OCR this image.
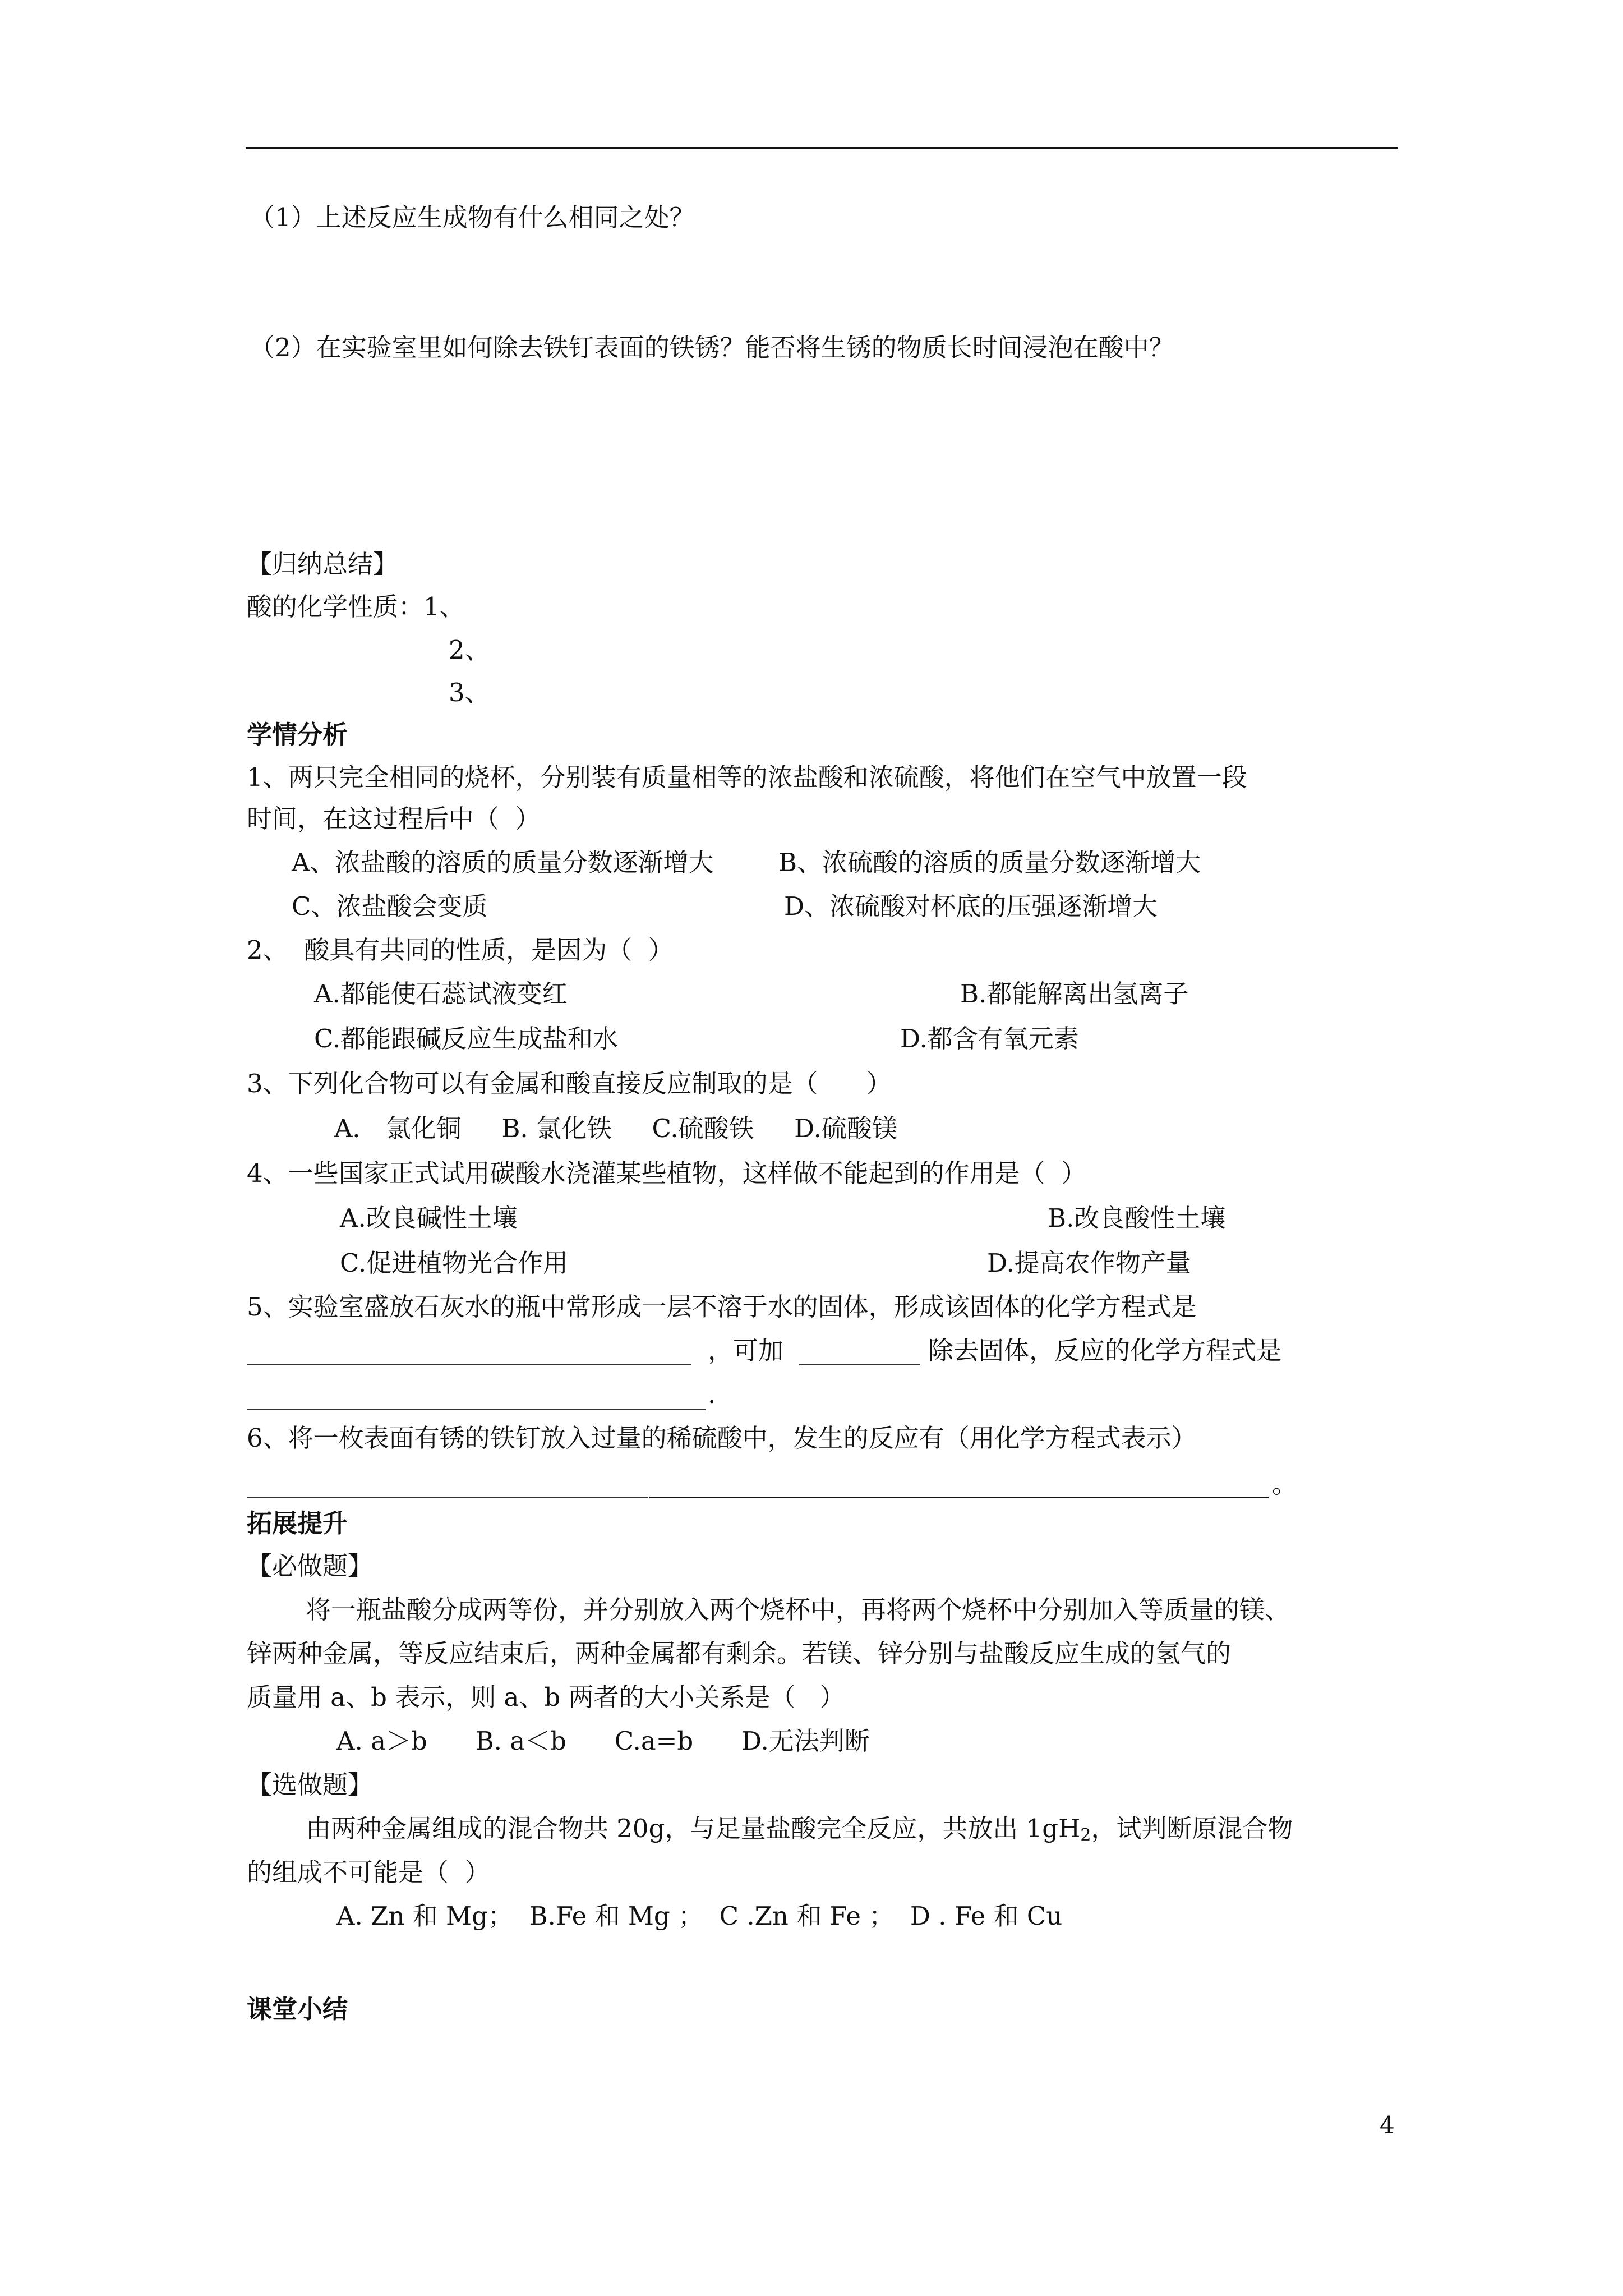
（1）上述反应生成物有什么相同之处？
（2）在实验室里如何除去铁钉表面的铁锈？能否将生锈的物质长时间浸泡在酸中？
【归纳总结】
酸的化学性质：1、
2、
3、
学情分析
1、两只完全相同的烧杯，分别装有质量相等的浓盐酸和浓硫酸，将他们在空气中放置一段
时间，在这过程后中（  ）
A、浓盐酸的溶质的质量分数逐渐增大	B、浓硫酸的溶质的质量分数逐渐增大
C、浓盐酸会变质	D、浓硫酸对杯底的压强逐渐增大
2、  酸具有共同的性质，是因为（  ）
A.都能使石蕊试液变红	B.都能解离出氢离子
C.都能跟碱反应生成盐和水	D.都含有氧元素
3、下列化合物可以有金属和酸直接反应制取的是（      ）
A． 氯化铜     B. 氯化铁     C.硫酸铁     D.硫酸镁
4、一些国家正式试用碳酸水浇灌某些植物，这样做不能起到的作用是（  ）
A.改良碱性土壤	B.改良酸性土壤
C.促进植物光合作用	D.提高农作物产量
5、实验室盛放石灰水的瓶中常形成一层不溶于水的固体，形成该固体的化学方程式是
，可加	除去固体，反应的化学方程式是
.
6、将一枚表面有锈的铁钉放入过量的稀硫酸中，发生的反应有（用化学方程式表示）
。
拓展提升
【必做题】
将一瓶盐酸分成两等份，并分别放入两个烧杯中，再将两个烧杯中分别加入等质量的镁、
锌两种金属，等反应结束后，两种金属都有剩余。若镁、锌分别与盐酸反应生成的氢气的
质量用 a、b 表示，则 a、b 两者的大小关系是（   ）
A. a＞b      B. a＜b      C.a=b      D.无法判断
【选做题】
由两种金属组成的混合物共 20g，与足量盐酸完全反应，共放出 $1gH_2$，试判断原混合物
的组成不可能是（  ）
A. Zn 和 Mg；  B.Fe 和 Mg ；  C .Zn 和 Fe ；  D . Fe 和 Cu
课堂小结
4
